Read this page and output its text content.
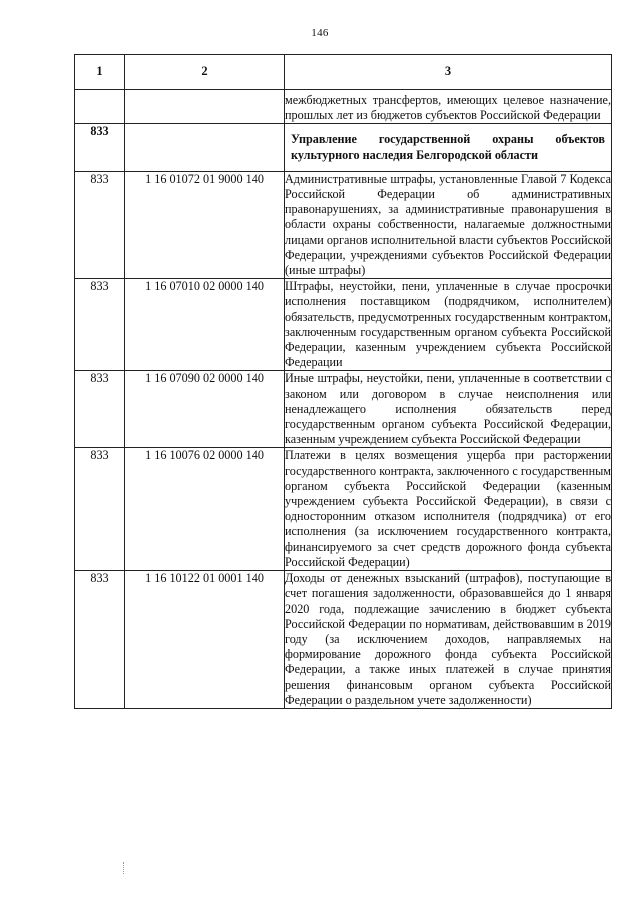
146
1	2	3
		межбюджетных трансфертов, имеющих целевое назначение, прошлых лет из бюджетов субъектов Российской Федерации
833		Управление государственной охраны объектов культурного наследия Белгородской области
833	1 16 01072 01 9000 140	Административные штрафы, установленные Главой 7 Кодекса Российской Федерации об административных правонарушениях, за административные правонарушения в области охраны собственности, налагаемые должностными лицами органов исполнительной власти субъектов Российской Федерации, учреждениями субъектов Российской Федерации (иные штрафы)
833	1 16 07010 02 0000 140	Штрафы, неустойки, пени, уплаченные в случае просрочки исполнения поставщиком (подрядчиком, исполнителем) обязательств, предусмотренных государственным контрактом, заключенным государственным органом субъекта Российской Федерации, казенным учреждением субъекта Российской Федерации
833	1 16 07090 02 0000 140	Иные штрафы, неустойки, пени, уплаченные в соответствии с законом или договором в случае неисполнения или ненадлежащего исполнения обязательств перед государственным органом субъекта Российской Федерации, казенным учреждением субъекта Российской Федерации
833	1 16 10076 02 0000 140	Платежи в целях возмещения ущерба при расторжении государственного контракта, заключенного с государственным органом субъекта Российской Федерации (казенным учреждением субъекта Российской Федерации), в связи с односторонним отказом исполнителя (подрядчика) от его исполнения (за исключением государственного контракта, финансируемого за счет средств дорожного фонда субъекта Российской Федерации)
833	1 16 10122 01 0001 140	Доходы от денежных взысканий (штрафов), поступающие в счет погашения задолженности, образовавшейся до 1 января 2020 года, подлежащие зачислению в бюджет субъекта Российской Федерации по нормативам, действовавшим в 2019 году (за исключением доходов, направляемых на формирование дорожного фонда субъекта Российской Федерации, а также иных платежей в случае принятия решения финансовым органом субъекта Российской Федерации о раздельном учете задолженности)
